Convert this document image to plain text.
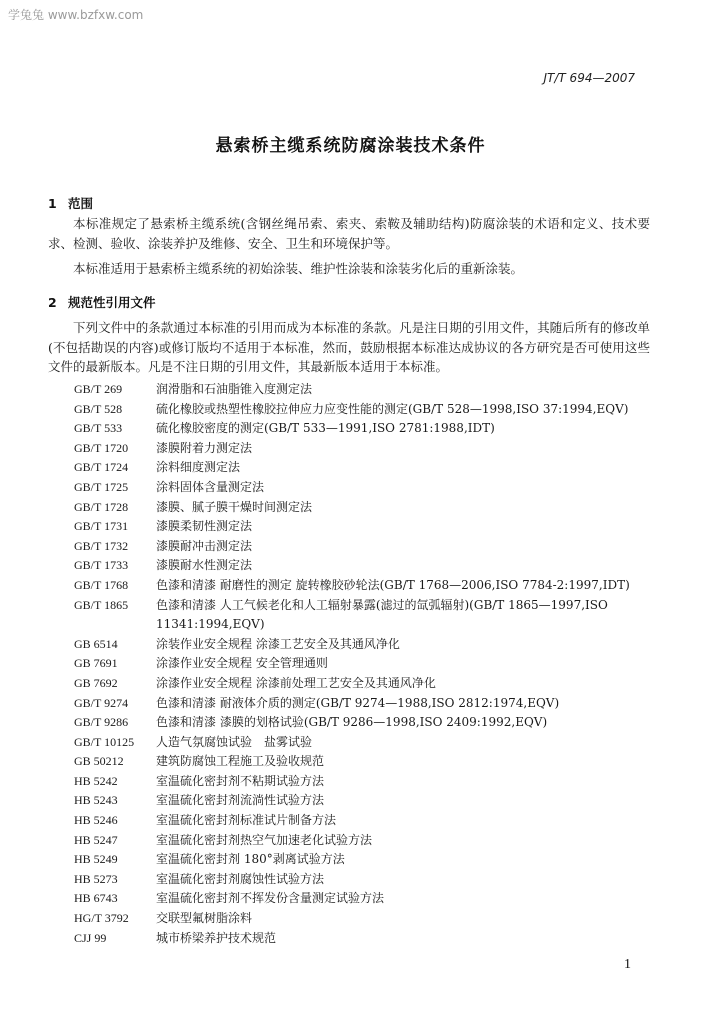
学兔兔 www.bzfxw.com
JT/T 694—2007
悬索桥主缆系统防腐涂装技术条件
1 范围
本标准规定了悬索桥主缆系统(含钢丝绳吊索、索夹、索鞍及辅助结构)防腐涂装的术语和定义、技术要求、检测、验收、涂装养护及维修、安全、卫生和环境保护等。
本标准适用于悬索桥主缆系统的初始涂装、维护性涂装和涂装劣化后的重新涂装。
2 规范性引用文件
下列文件中的条款通过本标准的引用而成为本标准的条款。凡是注日期的引用文件，其随后所有的修改单(不包括勘误的内容)或修订版均不适用于本标准，然而，鼓励根据本标准达成协议的各方研究是否可使用这些文件的最新版本。凡是不注日期的引用文件，其最新版本适用于本标准。
GB/T 269	润滑脂和石油脂锥入度测定法
GB/T 528	硫化橡胶或热塑性橡胶拉伸应力应变性能的测定(GB/T 528—1998,ISO 37:1994,EQV)
GB/T 533	硫化橡胶密度的测定(GB/T 533—1991,ISO 2781:1988,IDT)
GB/T 1720	漆膜附着力测定法
GB/T 1724	涂料细度测定法
GB/T 1725	涂料固体含量测定法
GB/T 1728	漆膜、腻子膜干燥时间测定法
GB/T 1731	漆膜柔韧性测定法
GB/T 1732	漆膜耐冲击测定法
GB/T 1733	漆膜耐水性测定法
GB/T 1768	色漆和清漆 耐磨性的测定 旋转橡胶砂轮法(GB/T 1768—2006,ISO 7784-2:1997,IDT)
GB/T 1865	色漆和清漆 人工气候老化和人工辐射暴露(滤过的氙弧辐射)(GB/T 1865—1997,ISO 11341:1994,EQV)
GB 6514	涂装作业安全规程 涂漆工艺安全及其通风净化
GB 7691	涂漆作业安全规程 安全管理通则
GB 7692	涂漆作业安全规程 涂漆前处理工艺安全及其通风净化
GB/T 9274	色漆和清漆 耐液体介质的测定(GB/T 9274—1988,ISO 2812:1974,EQV)
GB/T 9286	色漆和清漆 漆膜的划格试验(GB/T 9286—1998,ISO 2409:1992,EQV)
GB/T 10125	人造气氛腐蚀试验　盐雾试验
GB 50212	建筑防腐蚀工程施工及验收规范
HB 5242	室温硫化密封剂不粘期试验方法
HB 5243	室温硫化密封剂流淌性试验方法
HB 5246	室温硫化密封剂标准试片制备方法
HB 5247	室温硫化密封剂热空气加速老化试验方法
HB 5249	室温硫化密封剂 180°剥离试验方法
HB 5273	室温硫化密封剂腐蚀性试验方法
HB 6743	室温硫化密封剂不挥发份含量测定试验方法
HG/T 3792	交联型氟树脂涂料
CJJ 99	城市桥梁养护技术规范
1
